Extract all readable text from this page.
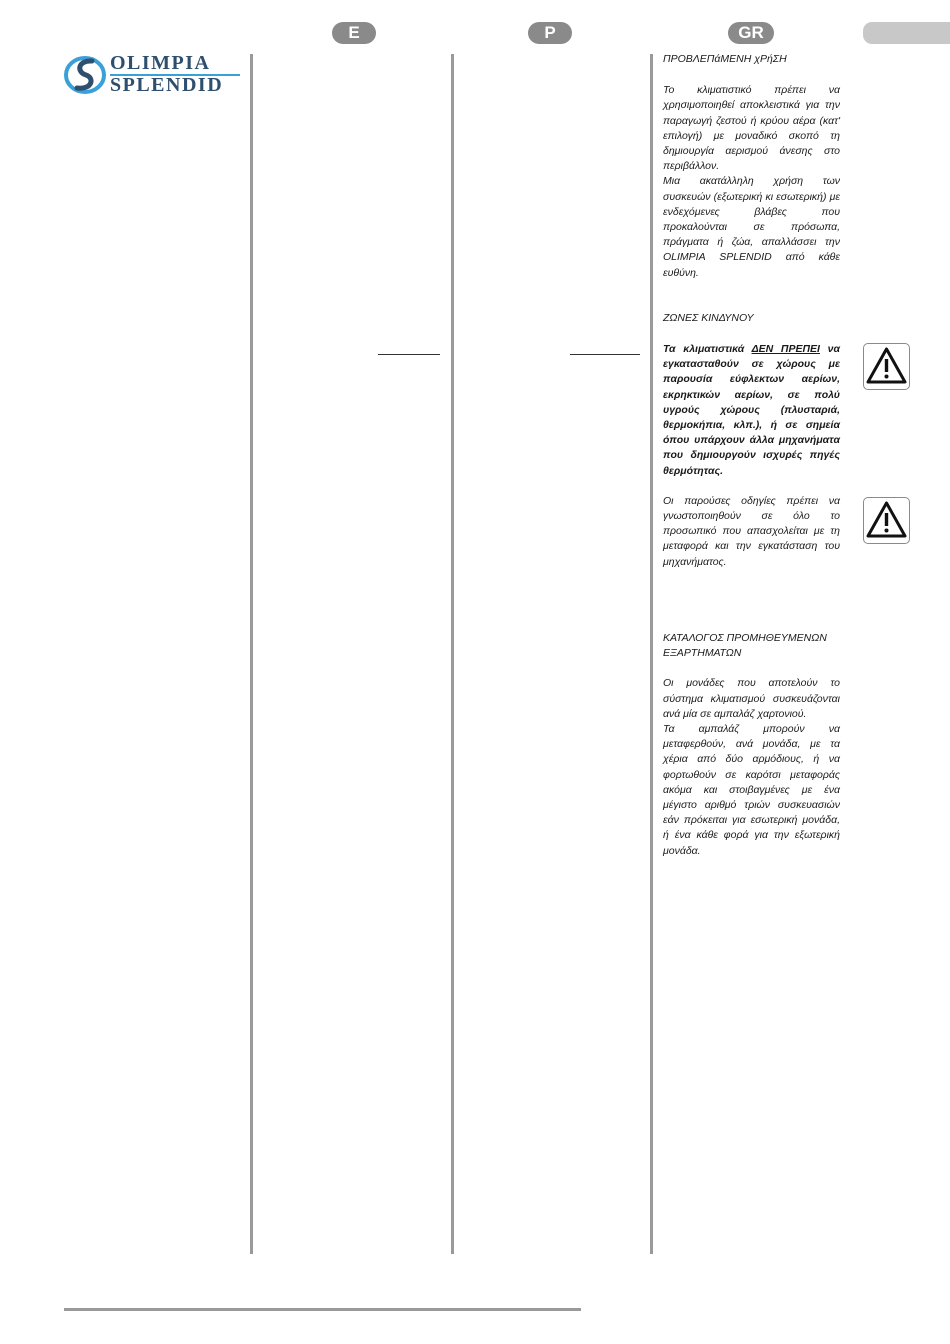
E	P	GR
OLIMPIA
SPLENDID

ΠΡΟΒΛΕΠάΜΕΝΗ χΡήΣΗ

Το κλιματιστικό πρέπει να χρησιμοποιηθεί αποκλειστικά για την παραγωγή ζεστού ή κρύου αέρα (κατ' επιλογή) με μοναδικό σκοπό τη δημιουργία αερισμού άνεσης στο περιβάλλον.

Μια ακατάλληλη χρήση των συσκευών (εξωτερική κι εσωτερική) με ενδεχόμενες βλάβες που προκαλούνται σε πρόσωπα, πράγματα ή ζώα, απαλλάσσει την OLIMPIA SPLENDID από κάθε ευθύνη.

ΖΩΝΕΣ ΚΙΝΔΥΝΟΥ

Τα κλιματιστικά ΔΕΝ ΠΡΕΠΕΙ να εγκατασταθούν σε χώρους με παρουσία εύφλεκτων αερίων, εκρηκτικών αερίων, σε πολύ υγρούς χώρους (πλυσταριά, θερμοκήπια, κλπ.), ή σε σημεία όπου υπάρχουν άλλα μηχανήματα που δημιουργούν ισχυρές πηγές θερμότητας.

Οι παρούσες οδηγίες πρέπει να γνωστοποιηθούν σε όλο το προσωπικό που απασχολείται με τη μεταφορά και την εγκατάσταση του μηχανήματος.

ΚΑΤΑΛΟΓΟΣ ΠΡΟΜΗΘΕΥΜΕΝΩΝ ΕΞΑΡΤΗΜΑΤΩΝ

Οι μονάδες που αποτελούν το σύστημα κλιματισμού συσκευάζονται ανά μία σε αμπαλάζ χαρτονιού.

Τα αμπαλάζ μπορούν να μεταφερθούν, ανά μονάδα, με τα χέρια από δύο αρμόδιους, ή να φορτωθούν σε καρότσι μεταφοράς ακόμα και στοιβαγμένες με ένα μέγιστο αριθμό τριών συσκευασιών εάν πρόκειται για εσωτερική μονάδα, ή ένα κάθε φορά για την εξωτερική μονάδα.
